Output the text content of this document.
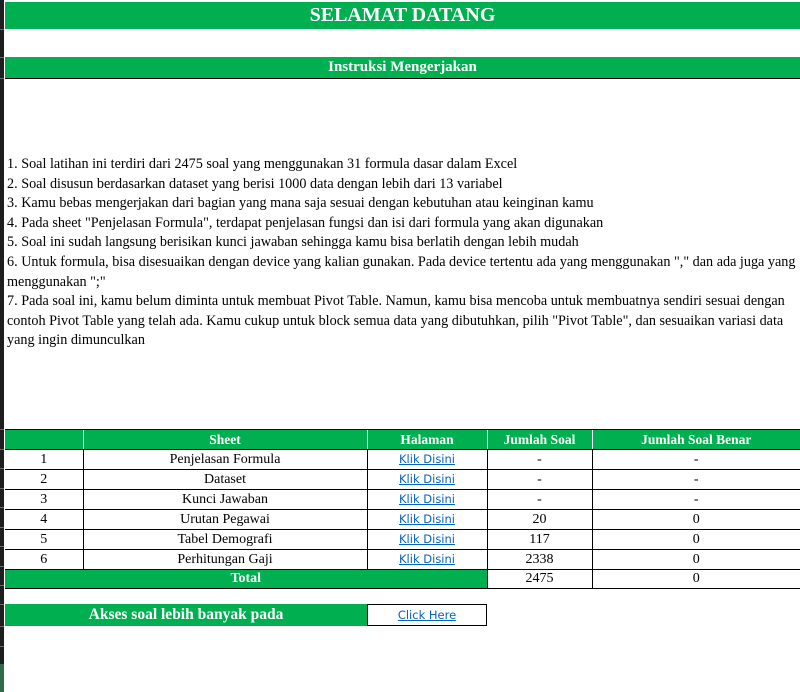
SELAMAT DATANG
Instruksi Mengerjakan

1. Soal latihan ini terdiri dari 2475 soal yang menggunakan 31 formula dasar dalam Excel

2. Soal disusun berdasarkan dataset yang berisi 1000 data dengan lebih dari 13 variabel

3. Kamu bebas mengerjakan dari bagian yang mana saja sesuai dengan kebutuhan atau keinginan kamu

4. Pada sheet "Penjelasan Formula", terdapat penjelasan fungsi dan isi dari formula yang akan digunakan

5. Soal ini sudah langsung berisikan kunci jawaban sehingga kamu bisa berlatih dengan lebih mudah

6. Untuk formula, bisa disesuaikan dengan device yang kalian gunakan. Pada device tertentu ada yang menggunakan "," dan ada juga yang menggunakan ";"

7. Pada soal ini, kamu belum diminta untuk membuat Pivot Table. Namun, kamu bisa mencoba untuk membuatnya sendiri sesuai dengan contoh Pivot Table yang telah ada. Kamu cukup untuk block semua data yang dibutuhkan, pilih "Pivot Table", dan sesuaikan variasi data yang ingin dimunculkan

	Sheet	Halaman	Jumlah Soal	Jumlah Soal Benar
1	Penjelasan Formula	Klik Disini	-	-
2	Dataset	Klik Disini	-	-
3	Kunci Jawaban	Klik Disini	-	-
4	Urutan Pegawai	Klik Disini	20	0
5	Tabel Demografi	Klik Disini	117	0
6	Perhitungan Gaji	Klik Disini	2338	0
Total			2475	0
Akses soal lebih banyak pada	Click Here
